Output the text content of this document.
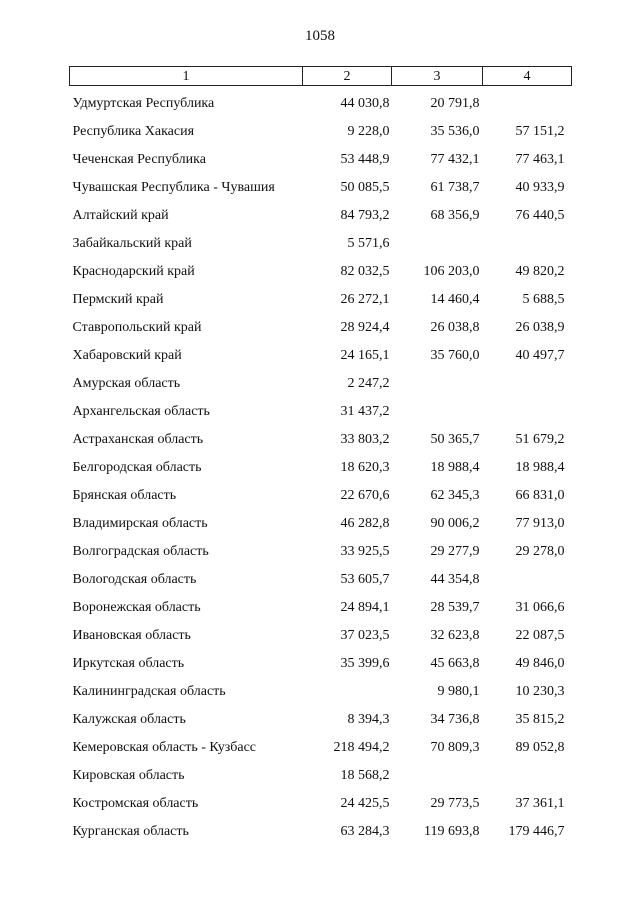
1058
1	2	3	4
Удмуртская Республика	44 030,8	20 791,8	
Республика Хакасия	9 228,0	35 536,0	57 151,2
Чеченская Республика	53 448,9	77 432,1	77 463,1
Чувашская Республика - Чувашия	50 085,5	61 738,7	40 933,9
Алтайский край	84 793,2	68 356,9	76 440,5
Забайкальский край	5 571,6		
Краснодарский край	82 032,5	106 203,0	49 820,2
Пермский край	26 272,1	14 460,4	5 688,5
Ставропольский край	28 924,4	26 038,8	26 038,9
Хабаровский край	24 165,1	35 760,0	40 497,7
Амурская область	2 247,2		
Архангельская область	31 437,2		
Астраханская область	33 803,2	50 365,7	51 679,2
Белгородская область	18 620,3	18 988,4	18 988,4
Брянская область	22 670,6	62 345,3	66 831,0
Владимирская область	46 282,8	90 006,2	77 913,0
Волгоградская область	33 925,5	29 277,9	29 278,0
Вологодская область	53 605,7	44 354,8	
Воронежская область	24 894,1	28 539,7	31 066,6
Ивановская область	37 023,5	32 623,8	22 087,5
Иркутская область	35 399,6	45 663,8	49 846,0
Калининградская область		9 980,1	10 230,3
Калужская область	8 394,3	34 736,8	35 815,2
Кемеровская область - Кузбасс	218 494,2	70 809,3	89 052,8
Кировская область	18 568,2		
Костромская область	24 425,5	29 773,5	37 361,1
Курганская область	63 284,3	119 693,8	179 446,7
